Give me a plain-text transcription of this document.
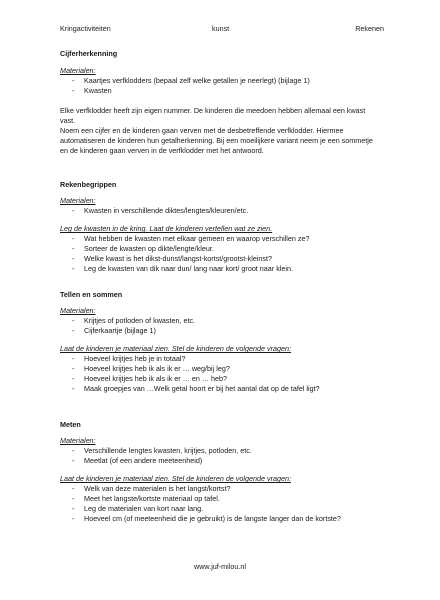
Kringactiviteiten	kunst	Rekenen
Cijferherkenning
Materialen:
- Kaartjes verfklodders (bepaal zelf welke getallen je neerlegt) (bijlage 1)
- Kwasten
Elke verfklodder heeft zijn eigen nummer. De kinderen die meedoen hebben allemaal een kwast vast.
Noem een cijfer en de kinderen gaan verven met de desbetreffende verfklodder. Hiermee
automatiseren de kinderen hun getalherkenning. Bij een moeilijkere variant neem je een sommetje
en de kinderen gaan verven in de verfklodder met het antwoord.
Rekenbegrippen
Materialen:
- Kwasten in verschillende diktes/lengtes/kleuren/etc.
Leg de kwasten in de kring. Laat de kinderen vertellen wat ze zien.
- Wat hebben de kwasten met elkaar gemeen en waarop verschillen ze?
- Sorteer de kwasten op dikte/lengte/kleur.
- Welke kwast is het dikst-dunst/langst-kortst/grootst-kleinst?
- Leg de kwasten van dik naar dun/ lang naar kort/ groot naar klein.
Tellen en sommen
Materialen:
- Krijtjes of potloden of kwasten, etc.
- Cijferkaartje (bijlage 1)
Laat de kinderen je materiaal zien. Stel de kinderen de volgende vragen:
- Hoeveel krijtjes heb je in totaal?
- Hoeveel krijtjes heb ik als ik er … weg/bij leg?
- Hoeveel krijtjes heb ik als ik er … en … heb?
- Maak groepjes van …Welk getal hoort er bij het aantal dat op de tafel ligt?
Meten
Materialen:
- Verschillende lengtes kwasten, krijtjes, potloden, etc.
- Meetlat (of een andere meeteenheid)
Laat de kinderen je materiaal zien. Stel de kinderen de volgende vragen:
- Welk van deze materialen is het langst/kortst?
- Meet het langste/kortste materiaal op tafel.
- Leg de materialen van kort naar lang.
- Hoeveel cm (of meeteenheid die je gebruikt) is de langste langer dan de kortste?
www.juf-milou.nl
